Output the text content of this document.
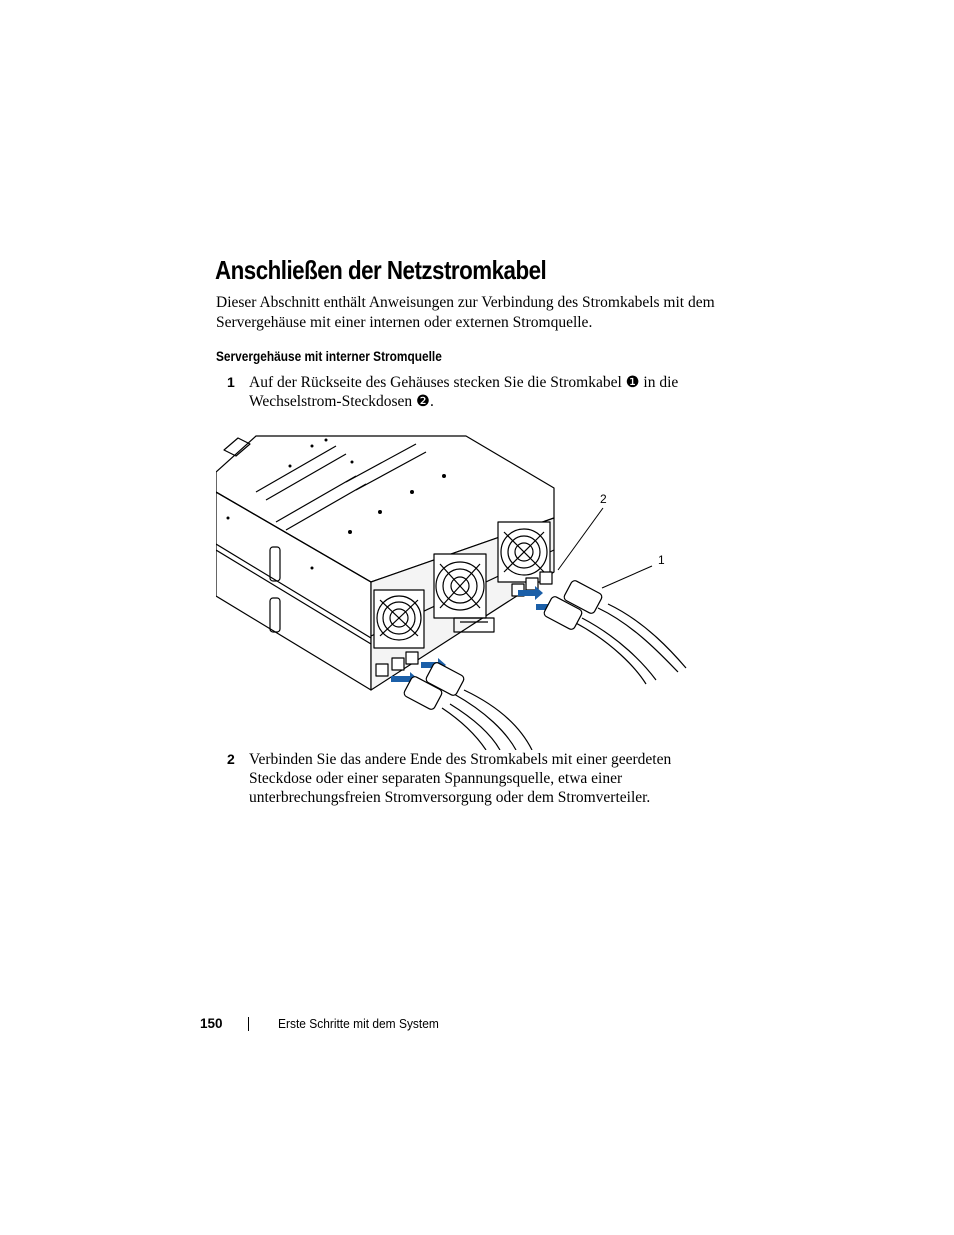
Anschließen der Netzstromkabel

Dieser Abschnitt enthält Anweisungen zur Verbindung des Stromkabels mit dem Servergehäuse mit einer internen oder externen Stromquelle.

Servergehäuse mit interner Stromquelle
1 Auf der Rückseite des Gehäuses stecken Sie die Stromkabel ❶ in die Wechselstrom-Steckdosen ❷.

2
1
2 Verbinden Sie das andere Ende des Stromkabels mit einer geerdeten Steckdose oder einer separaten Spannungsquelle, etwa einer unterbrechungsfreien Stromversorgung oder dem Stromverteiler.

150	Erste Schritte mit dem System
